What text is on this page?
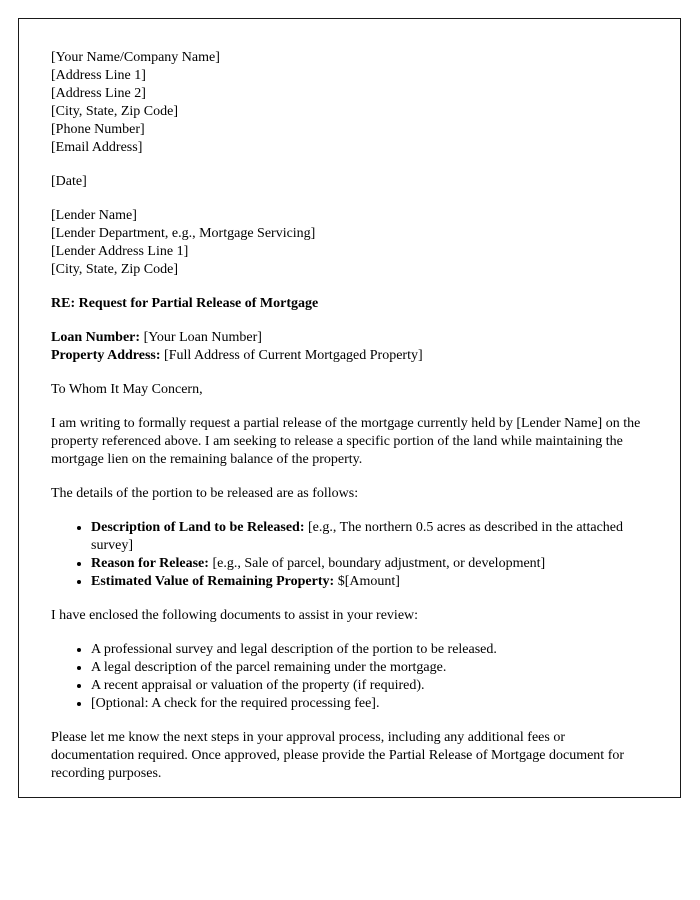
[Your Name/Company Name]
[Address Line 1]
[Address Line 2]
[City, State, Zip Code]
[Phone Number]
[Email Address]
[Date]
[Lender Name]
[Lender Department, e.g., Mortgage Servicing]
[Lender Address Line 1]
[City, State, Zip Code]
RE: Request for Partial Release of Mortgage
Loan Number: [Your Loan Number]
Property Address: [Full Address of Current Mortgaged Property]
To Whom It May Concern,
I am writing to formally request a partial release of the mortgage currently held by [Lender Name] on the property referenced above. I am seeking to release a specific portion of the land while maintaining the mortgage lien on the remaining balance of the property.
The details of the portion to be released are as follows:
• Description of Land to be Released: [e.g., The northern 0.5 acres as described in the attached survey]
• Reason for Release: [e.g., Sale of parcel, boundary adjustment, or development]
• Estimated Value of Remaining Property: $[Amount]
I have enclosed the following documents to assist in your review:
• A professional survey and legal description of the portion to be released.
• A legal description of the parcel remaining under the mortgage.
• A recent appraisal or valuation of the property (if required).
• [Optional: A check for the required processing fee].
Please let me know the next steps in your approval process, including any additional fees or documentation required. Once approved, please provide the Partial Release of Mortgage document for recording purposes.
